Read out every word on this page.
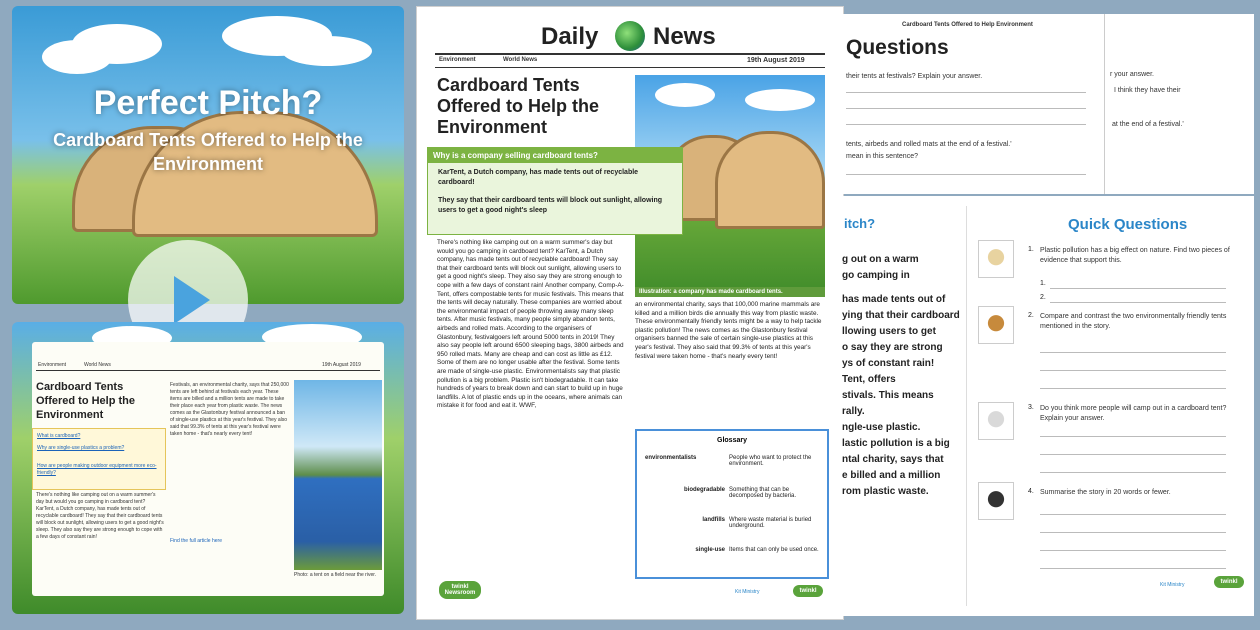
Perfect Pitch?
Cardboard Tents Offered to Help the Environment
Environment	World News	19th August 2019
Cardboard Tents Offered to Help the Environment
What is cardboard?
Why are single-use plastics a problem?
How are people making outdoor equipment more eco-friendly?
There's nothing like camping out on a warm summer's day but would you go camping in cardboard tent? KarTent, a Dutch company, has made tents out of recyclable cardboard! They say that their cardboard tents will block out sunlight, allowing users to get a good night's sleep. They also say they are strong enough to cope with a few days of constant rain!
Festivals, an environmental charity, says that 250,000 tents are left behind at festivals each year. These items are billed and a million tents are made to take their place each year from plastic waste. The news comes as the Glastonbury festival announced a ban of single-use plastics at this year's festival. They also said that 99.3% of tents at this year's festival were taken home - that's nearly every tent!
Find the full article here
Photo: a tent on a field near the river.
Daily News
Environment	World News	19th August 2019
Cardboard Tents Offered to Help the Environment
Illustration: a company has made cardboard tents.
Why is a company selling cardboard tents?
KarTent, a Dutch company, has made tents out of recyclable cardboard!
They say that their cardboard tents will block out sunlight, allowing users to get a good night's sleep
There's nothing like camping out on a warm summer's day but would you go camping in cardboard tent? KarTent, a Dutch company, has made tents out of recyclable cardboard! They say that their cardboard tents will block out sunlight, allowing users to get a good night's sleep. They also say they are strong enough to cope with a few days of constant rain! Another company, Comp-A-Tent, offers compostable tents for music festivals. This means that the tents will decay naturally. These companies are worried about the environmental impact of people throwing away many sleep tents. After music festivals, many people simply abandon tents, airbeds and rolled mats. According to the organisers of Glastonbury, festivalgoers left around 5000 tents in 2019! They also say people left around 6500 sleeping bags, 3800 airbeds and 950 rolled mats. Many are cheap and can cost as little as £12. Some of them are no longer usable after the festival. Some tents are made of single-use plastic. Environmentalists say that plastic pollution is a big problem. Plastic isn't biodegradable. It can take hundreds of years to break down and can start to build up in huge landfills. A lot of plastic ends up in the oceans, where animals can mistake it for food and eat it. WWF,
an environmental charity, says that 100,000 marine mammals are killed and a million birds die annually this way from plastic waste. These environmentally friendly tents might be a way to help tackle plastic pollution! The news comes as the Glastonbury festival organisers banned the sale of certain single-use plastics at this year's festival. They also said that 99.3% of tents at this year's festival were taken home - that's nearly every tent!
Glossary
environmentalists	People who want to protect the environment.
biodegradable Something that can be decomposed by bacteria.
landfills Where waste material is buried underground.
single-use Items that can only be used once.
twinkl Newsroom	Kit Ministry	twinkl
Cardboard Tents Offered to Help Environment
Questions
their tents at festivals? Explain your answer.
tents, airbeds and rolled mats at the end of a festival.'
mean in this sentence?
r your answer.
I think they have their
at the end of a festival.'
itch?
g out on a warm
go camping in
has made tents out of
ying that their cardboard
llowing users to get
o say they are strong
ys of constant rain!
Tent, offers
stivals. This means
rally.
ngle-use plastic.
lastic pollution is a big
ntal charity, says that
e billed and a million
rom plastic waste.
Quick Questions
1. Plastic pollution has a big effect on nature. Find two pieces of evidence that support this.
1.
2.
2. Compare and contrast the two environmentally friendly tents mentioned in the story.
3. Do you think more people will camp out in a cardboard tent? Explain your answer.
4. Summarise the story in 20 words or fewer.
Kit Ministry	twinkl
